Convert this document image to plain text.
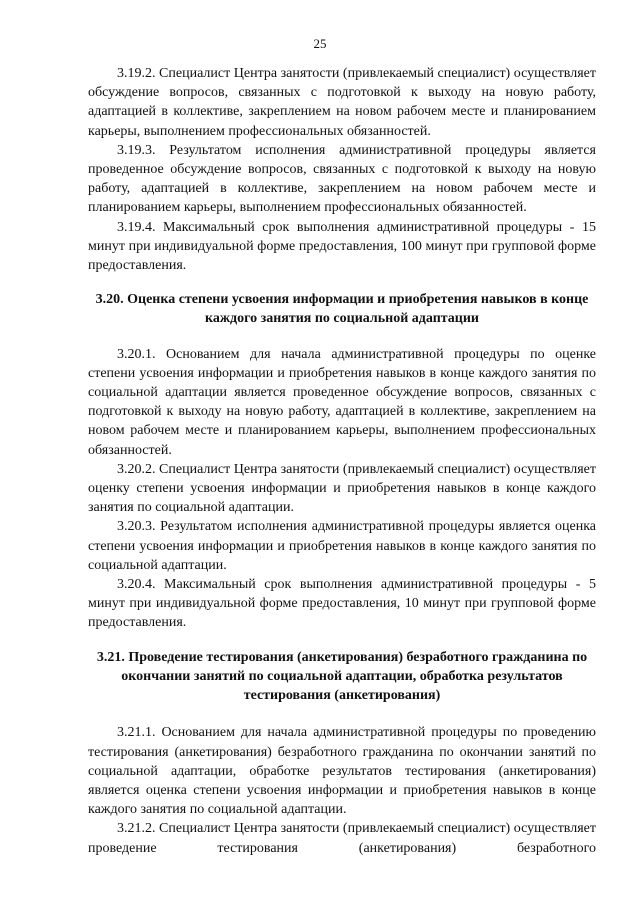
25

3.19.2. Специалист Центра занятости (привлекаемый специалист) осуществляет обсуждение вопросов, связанных с подготовкой к выходу на новую работу, адаптацией в коллективе, закреплением на новом рабочем месте и планированием карьеры, выполнением профессиональных обязанностей.

3.19.3. Результатом исполнения административной процедуры является проведенное обсуждение вопросов, связанных с подготовкой к выходу на новую работу, адаптацией в коллективе, закреплением на новом рабочем месте и планированием карьеры, выполнением профессиональных обязанностей.

3.19.4. Максимальный срок выполнения административной процедуры - 15 минут при индивидуальной форме предоставления, 100 минут при групповой форме предоставления.

3.20. Оценка степени усвоения информации и приобретения навыков в конце каждого занятия по социальной адаптации

3.20.1. Основанием для начала административной процедуры по оценке степени усвоения информации и приобретения навыков в конце каждого занятия по социальной адаптации является проведенное обсуждение вопросов, связанных с подготовкой к выходу на новую работу, адаптацией в коллективе, закреплением на новом рабочем месте и планированием карьеры, выполнением профессиональных обязанностей.

3.20.2. Специалист Центра занятости (привлекаемый специалист) осуществляет оценку степени усвоения информации и приобретения навыков в конце каждого занятия по социальной адаптации.

3.20.3. Результатом исполнения административной процедуры является оценка степени усвоения информации и приобретения навыков в конце каждого занятия по социальной адаптации.

3.20.4. Максимальный срок выполнения административной процедуры - 5 минут при индивидуальной форме предоставления, 10 минут при групповой форме предоставления.

3.21. Проведение тестирования (анкетирования) безработного гражданина по окончании занятий по социальной адаптации, обработка результатов тестирования (анкетирования)

3.21.1. Основанием для начала административной процедуры по проведению тестирования (анкетирования) безработного гражданина по окончании занятий по социальной адаптации, обработке результатов тестирования (анкетирования) является оценка степени усвоения информации и приобретения навыков в конце каждого занятия по социальной адаптации.

3.21.2. Специалист Центра занятости (привлекаемый специалист) осуществляет проведение тестирования (анкетирования) безработного
